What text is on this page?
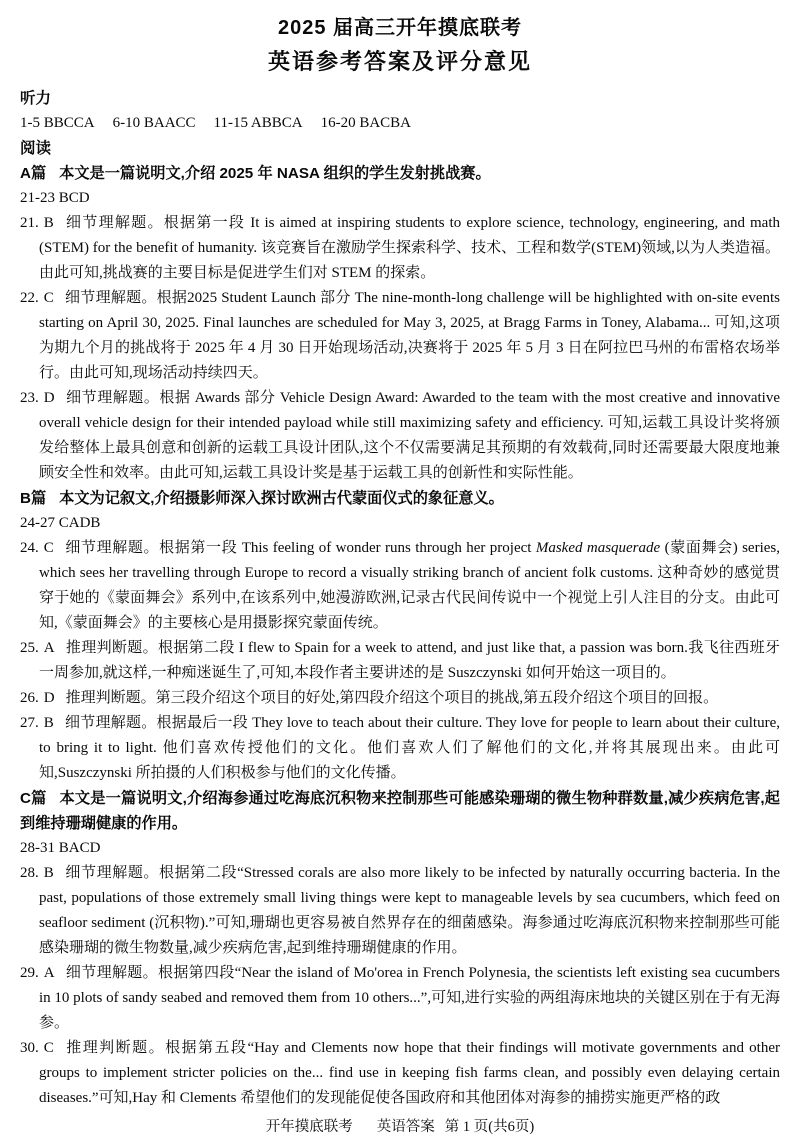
2025 届高三开年摸底联考
英语参考答案及评分意见
听力
1-5 BBCCA 6-10 BAACC 11-15 ABBCA 16-20 BACBA
阅读
A篇 本文是一篇说明文,介绍 2025 年 NASA 组织的学生发射挑战赛。
21-23 BCD
21. B 细节理解题。根据第一段 It is aimed at inspiring students to explore science, technology, engineering, and math (STEM) for the benefit of humanity. 该竞赛旨在激励学生探索科学、技术、工程和数学(STEM)领域,以为人类造福。由此可知,挑战赛的主要目标是促进学生们对 STEM 的探索。
22. C 细节理解题。根据2025 Student Launch 部分 The nine-month-long challenge will be highlighted with on-site events starting on April 30, 2025. Final launches are scheduled for May 3, 2025, at Bragg Farms in Toney, Alabama... 可知,这项为期九个月的挑战将于 2025 年 4 月 30 日开始现场活动,决赛将于 2025 年 5 月 3 日在阿拉巴马州的布雷格农场举行。由此可知,现场活动持续四天。
23. D 细节理解题。根据 Awards 部分 Vehicle Design Award: Awarded to the team with the most creative and innovative overall vehicle design for their intended payload while still maximizing safety and efficiency. 可知,运载工具设计奖将颁发给整体上最具创意和创新的运载工具设计团队,这个不仅需要满足其预期的有效载荷,同时还需要最大限度地兼顾安全性和效率。由此可知,运载工具设计奖是基于运载工具的创新性和实际性能。
B篇 本文为记叙文,介绍摄影师深入探讨欧洲古代蒙面仪式的象征意义。
24-27 CADB
24. C 细节理解题。根据第一段 This feeling of wonder runs through her project Masked masquerade (蒙面舞会) series, which sees her travelling through Europe to record a visually striking branch of ancient folk customs. 这种奇妙的感觉贯穿于她的《蒙面舞会》系列中,在该系列中,她漫游欧洲,记录古代民间传说中一个视觉上引人注目的分支。由此可知,《蒙面舞会》的主要核心是用摄影探究蒙面传统。
25. A 推理判断题。根据第二段 I flew to Spain for a week to attend, and just like that, a passion was born.我飞往西班牙一周参加,就这样,一种痴迷诞生了,可知,本段作者主要讲述的是 Suszczynski 如何开始这一项目的。
26. D 推理判断题。第三段介绍这个项目的好处,第四段介绍这个项目的挑战,第五段介绍这个项目的回报。
27. B 细节理解题。根据最后一段 They love to teach about their culture. They love for people to learn about their culture, to bring it to light. 他们喜欢传授他们的文化。他们喜欢人们了解他们的文化,并将其展现出来。由此可知,Suszczynski 所拍摄的人们积极参与他们的文化传播。
C篇 本文是一篇说明文,介绍海参通过吃海底沉积物来控制那些可能感染珊瑚的微生物种群数量,减少疾病危害,起到维持珊瑚健康的作用。
28-31 BACD
28. B 细节理解题。根据第二段“Stressed corals are also more likely to be infected by naturally occurring bacteria. In the past, populations of those extremely small living things were kept to manageable levels by sea cucumbers, which feed on seafloor sediment (沉积物).”可知,珊瑚也更容易被自然界存在的细菌感染。海参通过吃海底沉积物来控制那些可能感染珊瑚的微生物数量,减少疾病危害,起到维持珊瑚健康的作用。
29. A 细节理解题。根据第四段“Near the island of Mo'orea in French Polynesia, the scientists left existing sea cucumbers in 10 plots of sandy seabed and removed them from 10 others...”,可知,进行实验的两组海床地块的关键区别在于有无海参。
30. C 推理判断题。根据第五段“Hay and Clements now hope that their findings will motivate governments and other groups to implement stricter policies on the... find use in keeping fish farms clean, and possibly even delaying certain diseases.”可知,Hay 和 Clements 希望他们的发现能促使各国政府和其他团体对海参的捕捞实施更严格的政
开年摸底联考 英语答案 第 1 页(共6页)
